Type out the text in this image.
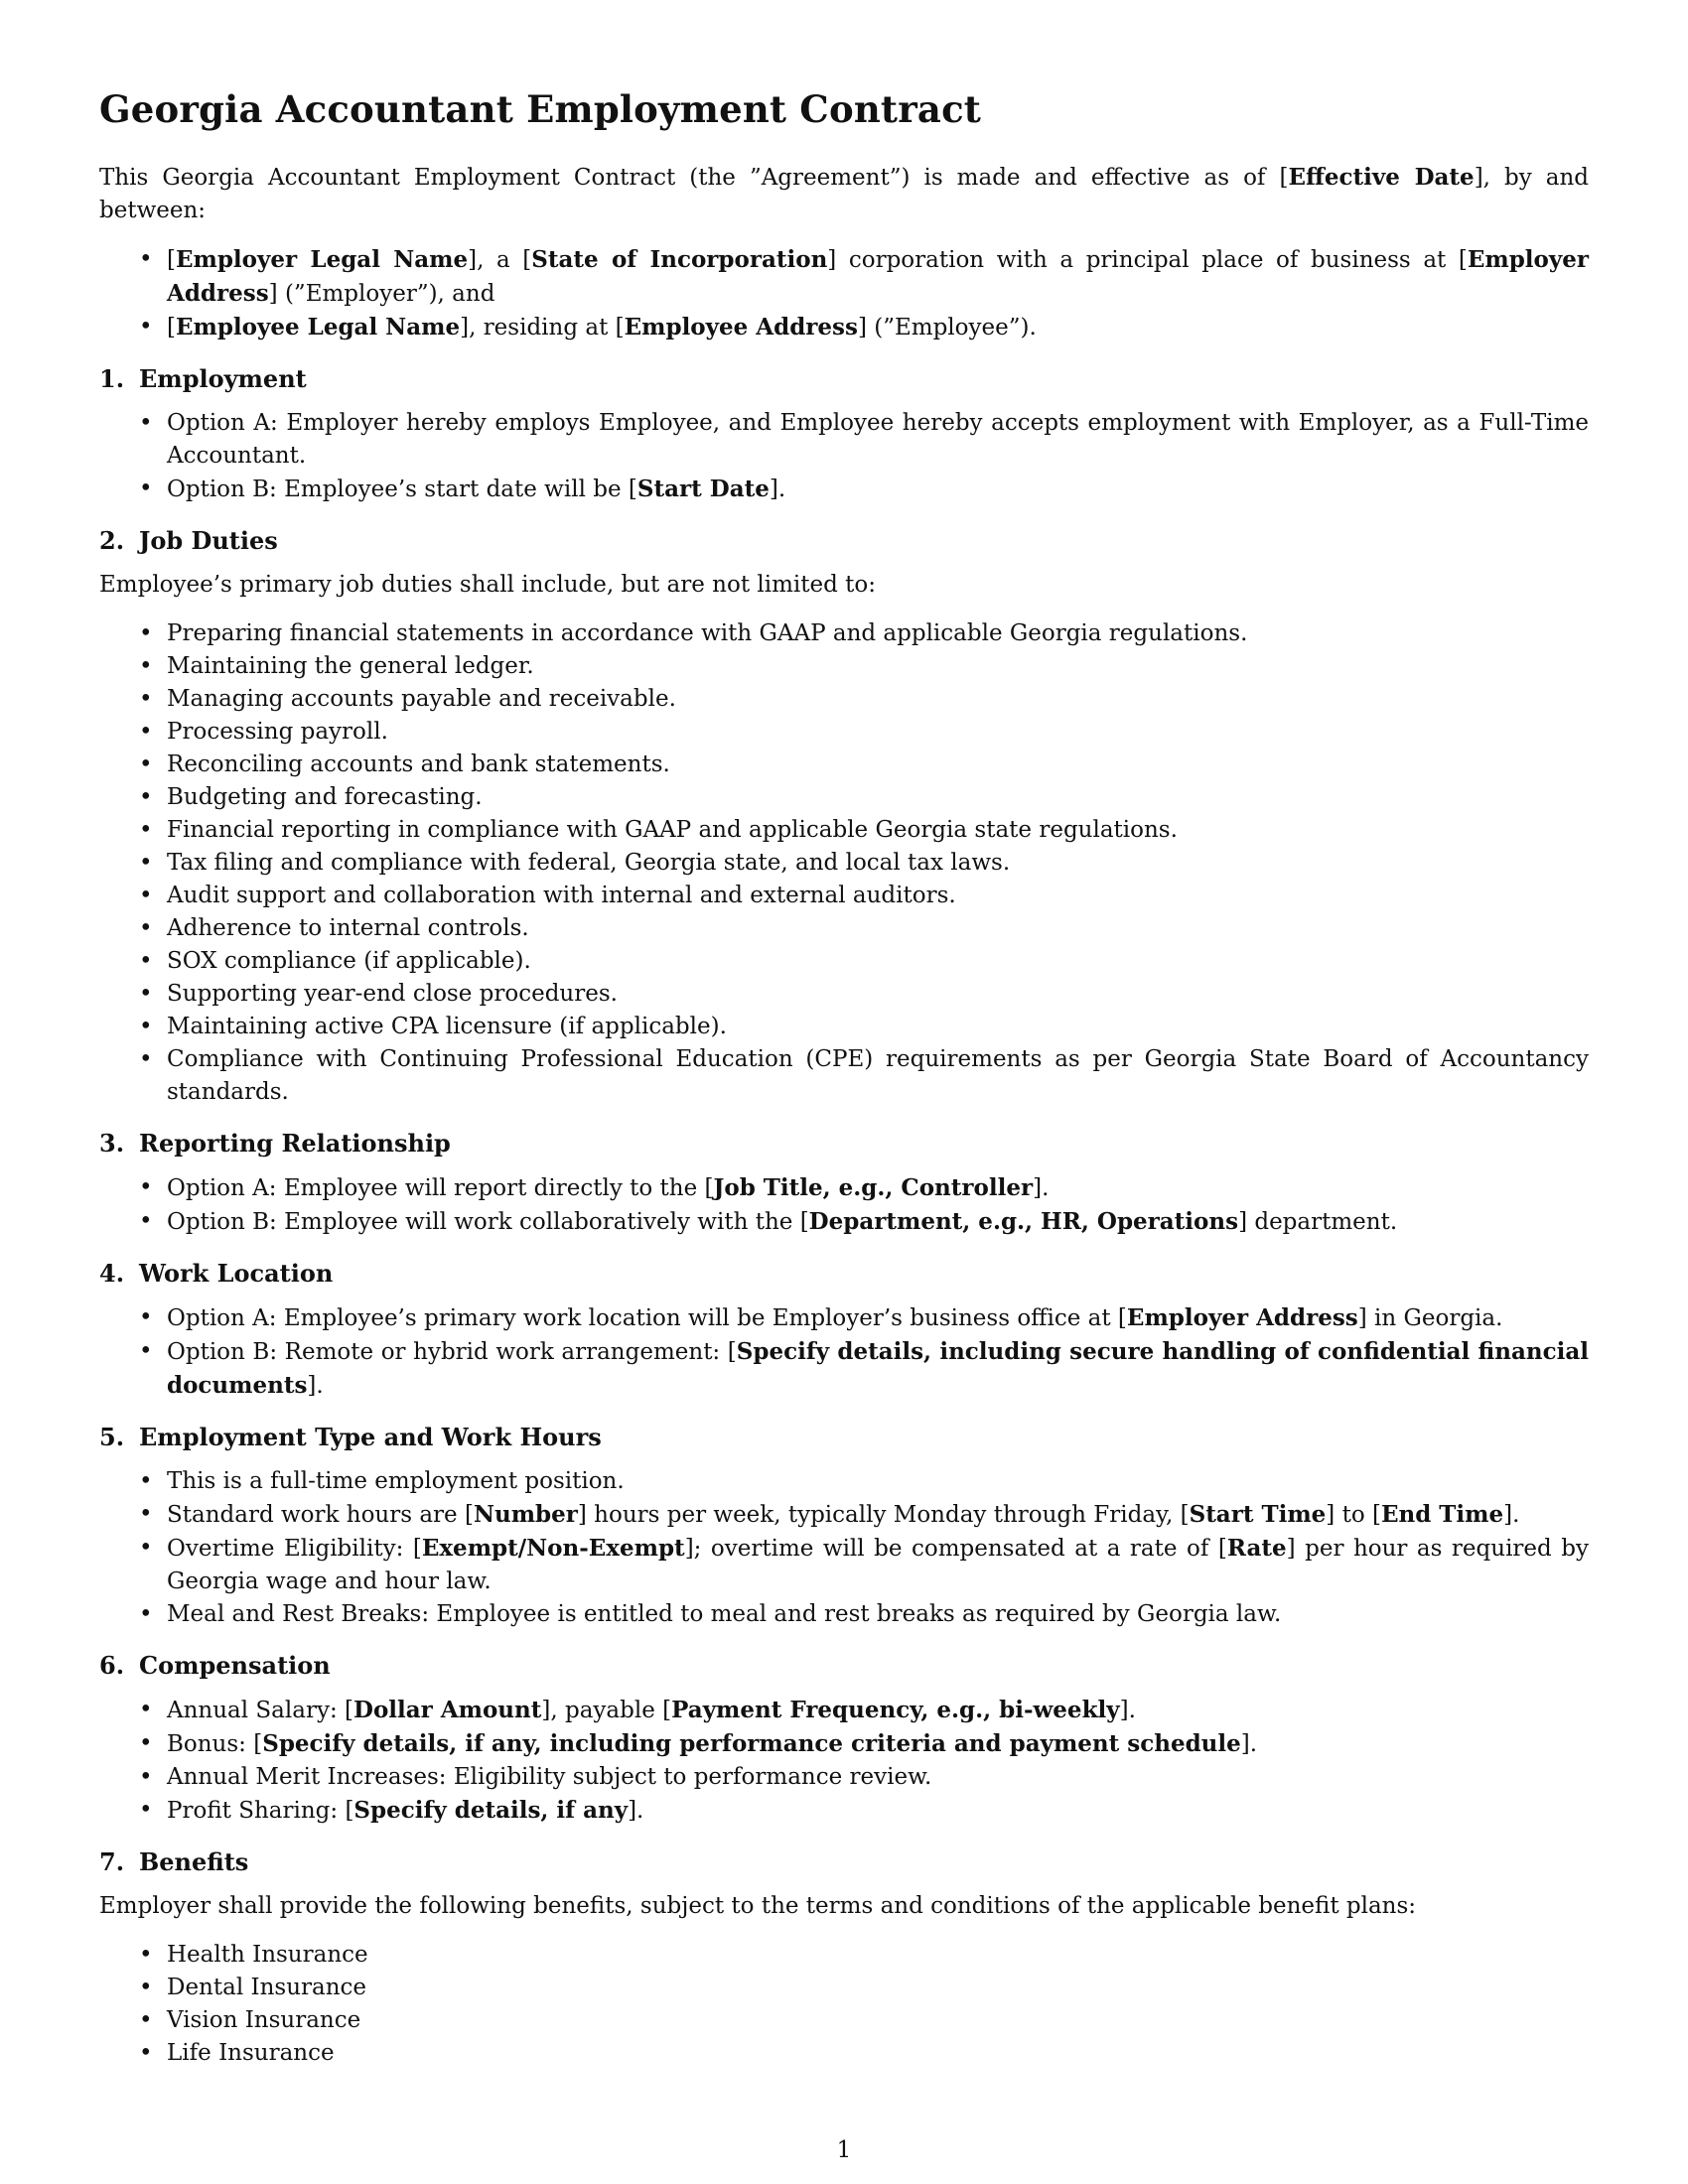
Georgia Accountant Employment Contract

This Georgia Accountant Employment Contract (the ”Agreement”) is made and effective as of [Effective Date], by and between:

• [Employer Legal Name], a [State of Incorporation] corporation with a principal place of business at [Employer Address] (”Employer”), and
• [Employee Legal Name], residing at [Employee Address] (”Employee”).
1. Employment
• Option A: Employer hereby employs Employee, and Employee hereby accepts employment with Employer, as a Full-Time Accountant.
• Option B: Employee’s start date will be [Start Date].
2. Job Duties

Employee’s primary job duties shall include, but are not limited to:

• Preparing financial statements in accordance with GAAP and applicable Georgia regulations.
• Maintaining the general ledger.
• Managing accounts payable and receivable.
• Processing payroll.
• Reconciling accounts and bank statements.
• Budgeting and forecasting.
• Financial reporting in compliance with GAAP and applicable Georgia state regulations.
• Tax filing and compliance with federal, Georgia state, and local tax laws.
• Audit support and collaboration with internal and external auditors.
• Adherence to internal controls.
• SOX compliance (if applicable).
• Supporting year-end close procedures.
• Maintaining active CPA licensure (if applicable).
• Compliance with Continuing Professional Education (CPE) requirements as per Georgia State Board of Accountancy standards.
3. Reporting Relationship
• Option A: Employee will report directly to the [Job Title, e.g., Controller].
• Option B: Employee will work collaboratively with the [Department, e.g., HR, Operations] department.
4. Work Location
• Option A: Employee’s primary work location will be Employer’s business office at [Employer Address] in Georgia.
• Option B: Remote or hybrid work arrangement: [Specify details, including secure handling of confidential financial documents].
5. Employment Type and Work Hours
• This is a full-time employment position.
• Standard work hours are [Number] hours per week, typically Monday through Friday, [Start Time] to [End Time].
• Overtime Eligibility: [Exempt/Non-Exempt]; overtime will be compensated at a rate of [Rate] per hour as required by Georgia wage and hour law.
• Meal and Rest Breaks: Employee is entitled to meal and rest breaks as required by Georgia law.
6. Compensation
• Annual Salary: [Dollar Amount], payable [Payment Frequency, e.g., bi-weekly].
• Bonus: [Specify details, if any, including performance criteria and payment schedule].
• Annual Merit Increases: Eligibility subject to performance review.
• Profit Sharing: [Specify details, if any].
7. Benefits

Employer shall provide the following benefits, subject to the terms and conditions of the applicable benefit plans:

• Health Insurance
• Dental Insurance
• Vision Insurance
• Life Insurance
1
